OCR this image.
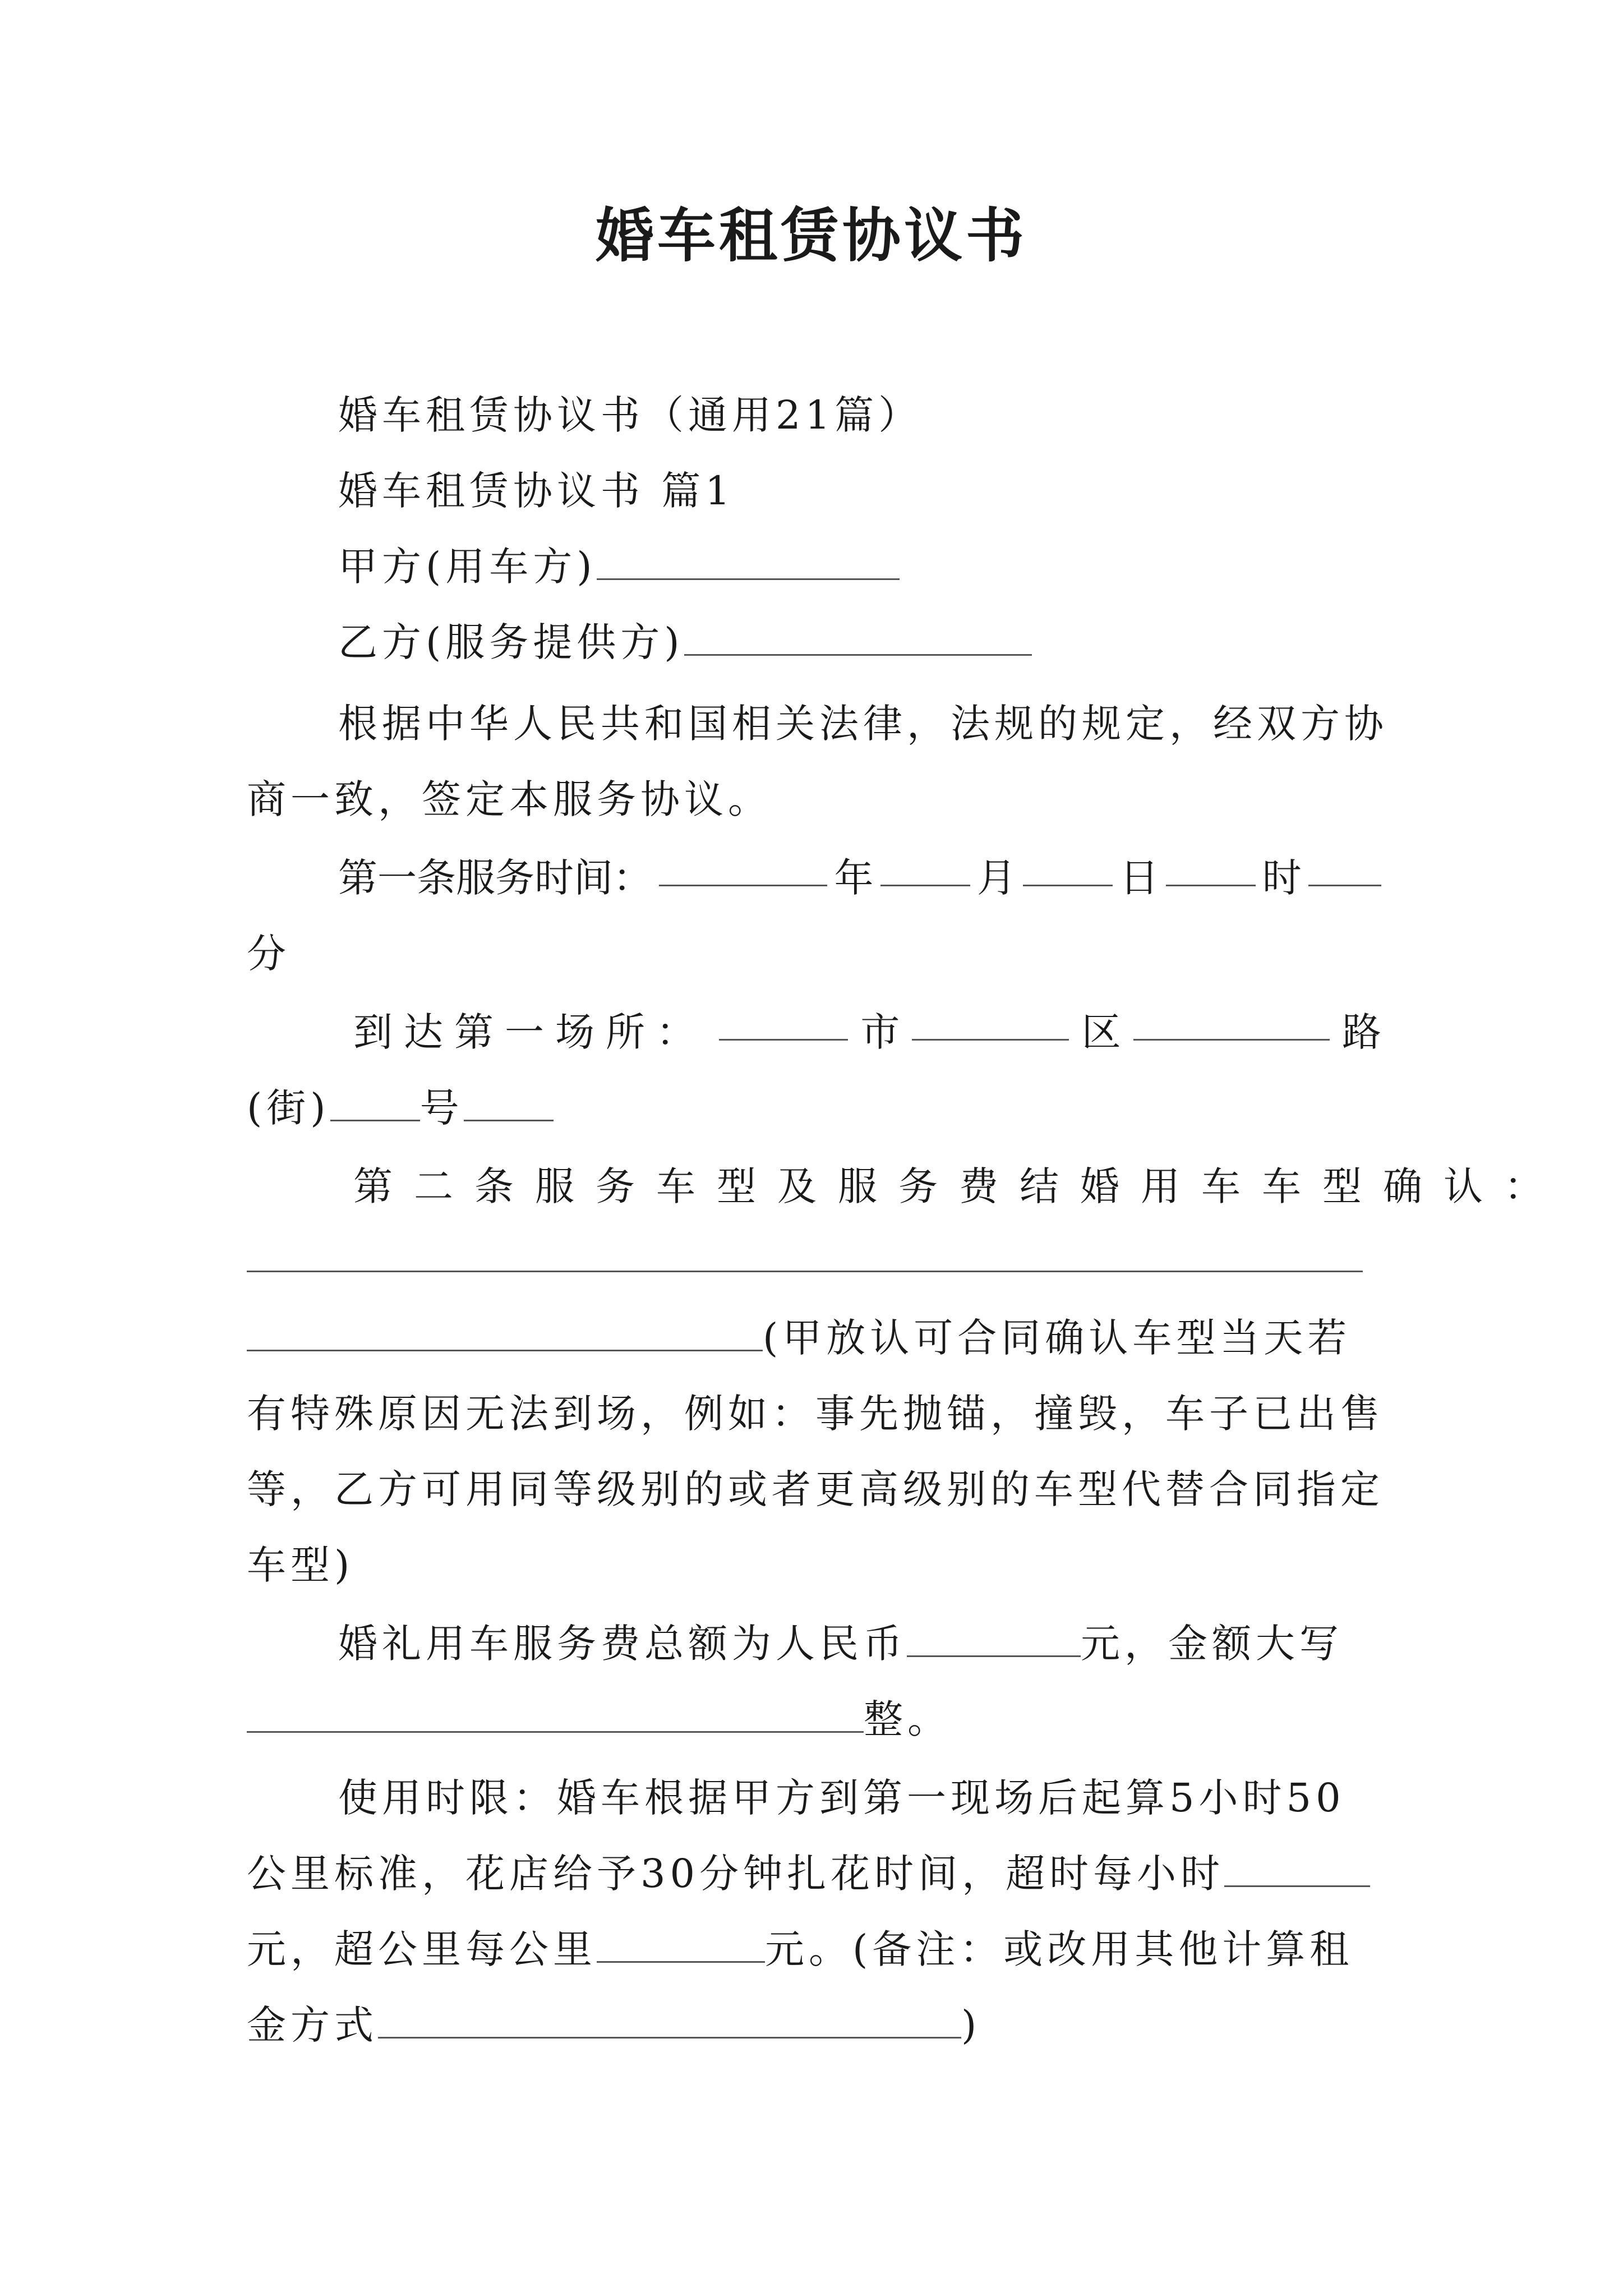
婚车租赁协议书
婚车租赁协议书（通用21篇）
婚车租赁协议书 篇1
甲方(用车方)
乙方(服务提供方)
根据中华人民共和国相关法律，法规的规定，经双方协
商一致，签定本服务协议。
第一条服务时间：	年	月	日	时
分
到达第一场所：	市	区	路
(街) 号
第二条服务车型及服务费结婚用车车型确认：
(甲放认可合同确认车型当天若
有特殊原因无法到场，例如：事先抛锚，撞毁，车子已出售
等，乙方可用同等级别的或者更高级别的车型代替合同指定
车型)
婚礼用车服务费总额为人民币	元，金额大写
整。
使用时限：婚车根据甲方到第一现场后起算5小时50
公里标准，花店给予30分钟扎花时间，超时每小时
元，超公里每公里	元。(备注：或改用其他计算租
金方式	)
